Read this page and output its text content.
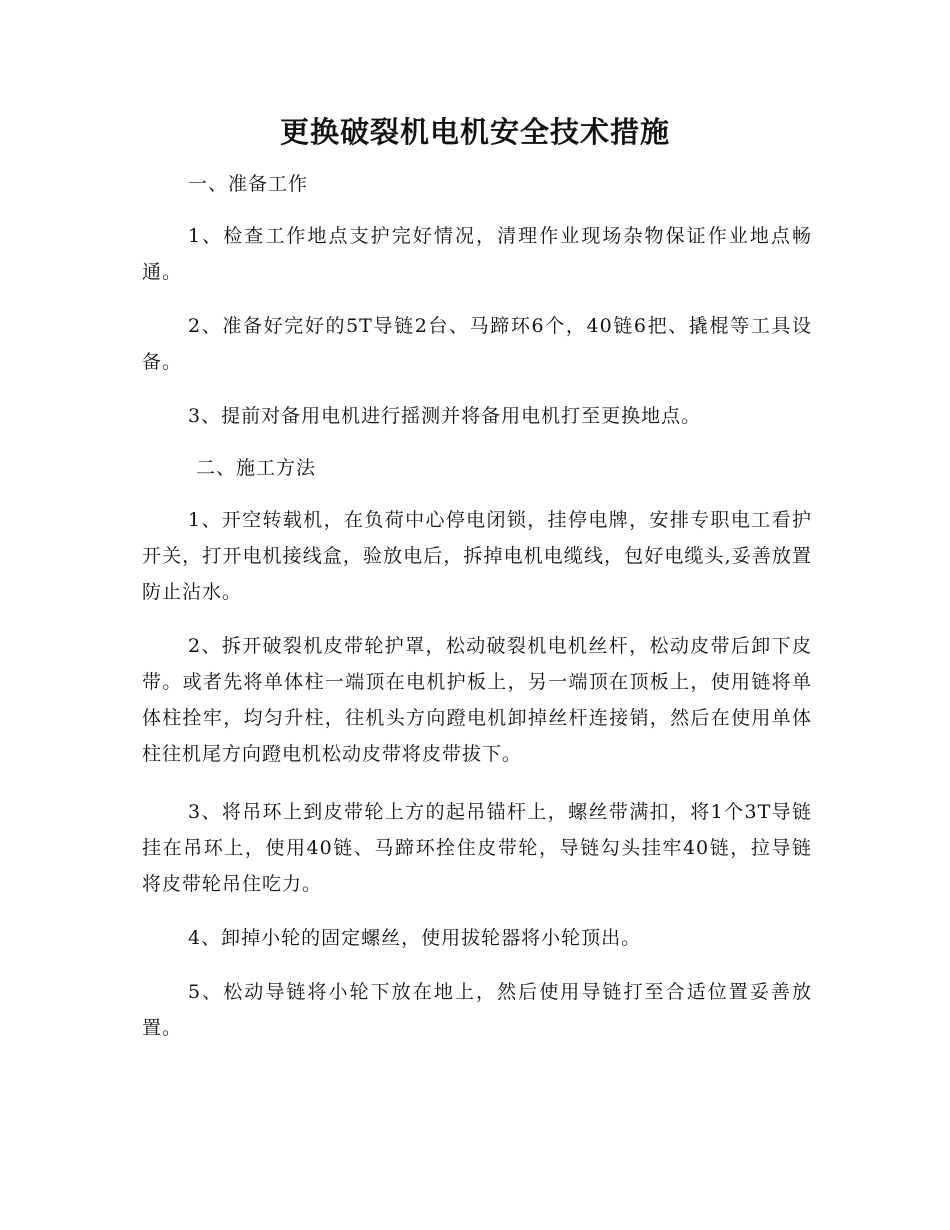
更换破裂机电机安全技术措施
一、准备工作
1、检查工作地点支护完好情况，清理作业现场杂物保证作业地点畅通。
2、准备好完好的5T导链2台、马蹄环6个，40链6把、撬棍等工具设备。
3、提前对备用电机进行摇测并将备用电机打至更换地点。
二、施工方法
1、开空转载机，在负荷中心停电闭锁，挂停电牌，安排专职电工看护开关，打开电机接线盒，验放电后，拆掉电机电缆线，包好电缆头,妥善放置防止沾水。
2、拆开破裂机皮带轮护罩，松动破裂机电机丝杆，松动皮带后卸下皮带。或者先将单体柱一端顶在电机护板上，另一端顶在顶板上，使用链将单体柱拴牢，均匀升柱，往机头方向蹬电机卸掉丝杆连接销，然后在使用单体柱往机尾方向蹬电机松动皮带将皮带拔下。
3、将吊环上到皮带轮上方的起吊锚杆上，螺丝带满扣，将1个3T导链挂在吊环上，使用40链、马蹄环拴住皮带轮，导链勾头挂牢40链，拉导链将皮带轮吊住吃力。
4、卸掉小轮的固定螺丝，使用拔轮器将小轮顶出。
5、松动导链将小轮下放在地上，然后使用导链打至合适位置妥善放置。
